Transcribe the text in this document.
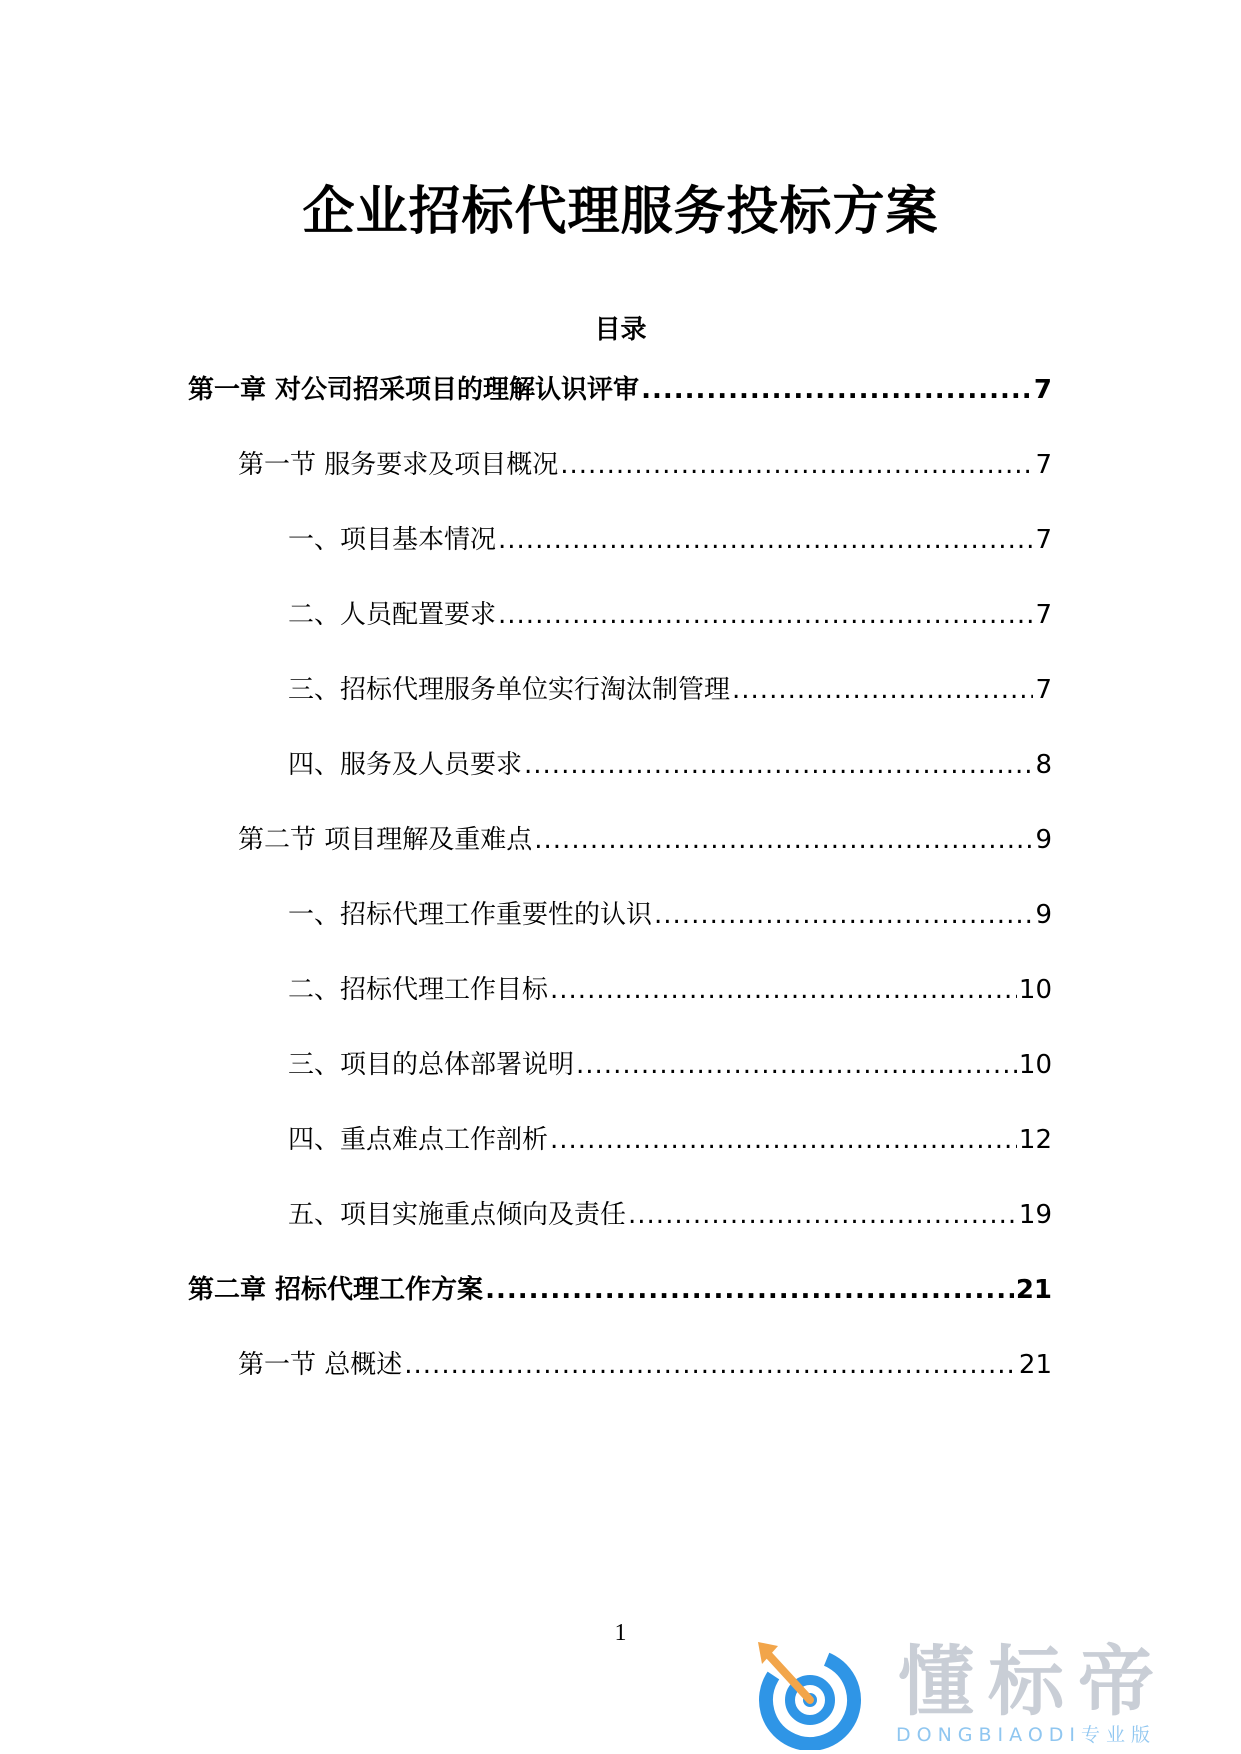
企业招标代理服务投标方案
目录
第一章 对公司招采项目的理解认识评审 .....	7
第一节 服务要求及项目概况 .....	7
一、项目基本情况 .....	7
二、人员配置要求 .....	7
三、招标代理服务单位实行淘汰制管理 .....	7
四、服务及人员要求 .....	8
第二节 项目理解及重难点 .....	9
一、招标代理工作重要性的认识 .....	9
二、招标代理工作目标 .....	10
三、项目的总体部署说明 .....	10
四、重点难点工作剖析 .....	12
五、项目实施重点倾向及责任 .....	19
第二章 招标代理工作方案 .....	21
第一节 总概述 .....	21
1
懂标帝
DONGBIAODI专业版
